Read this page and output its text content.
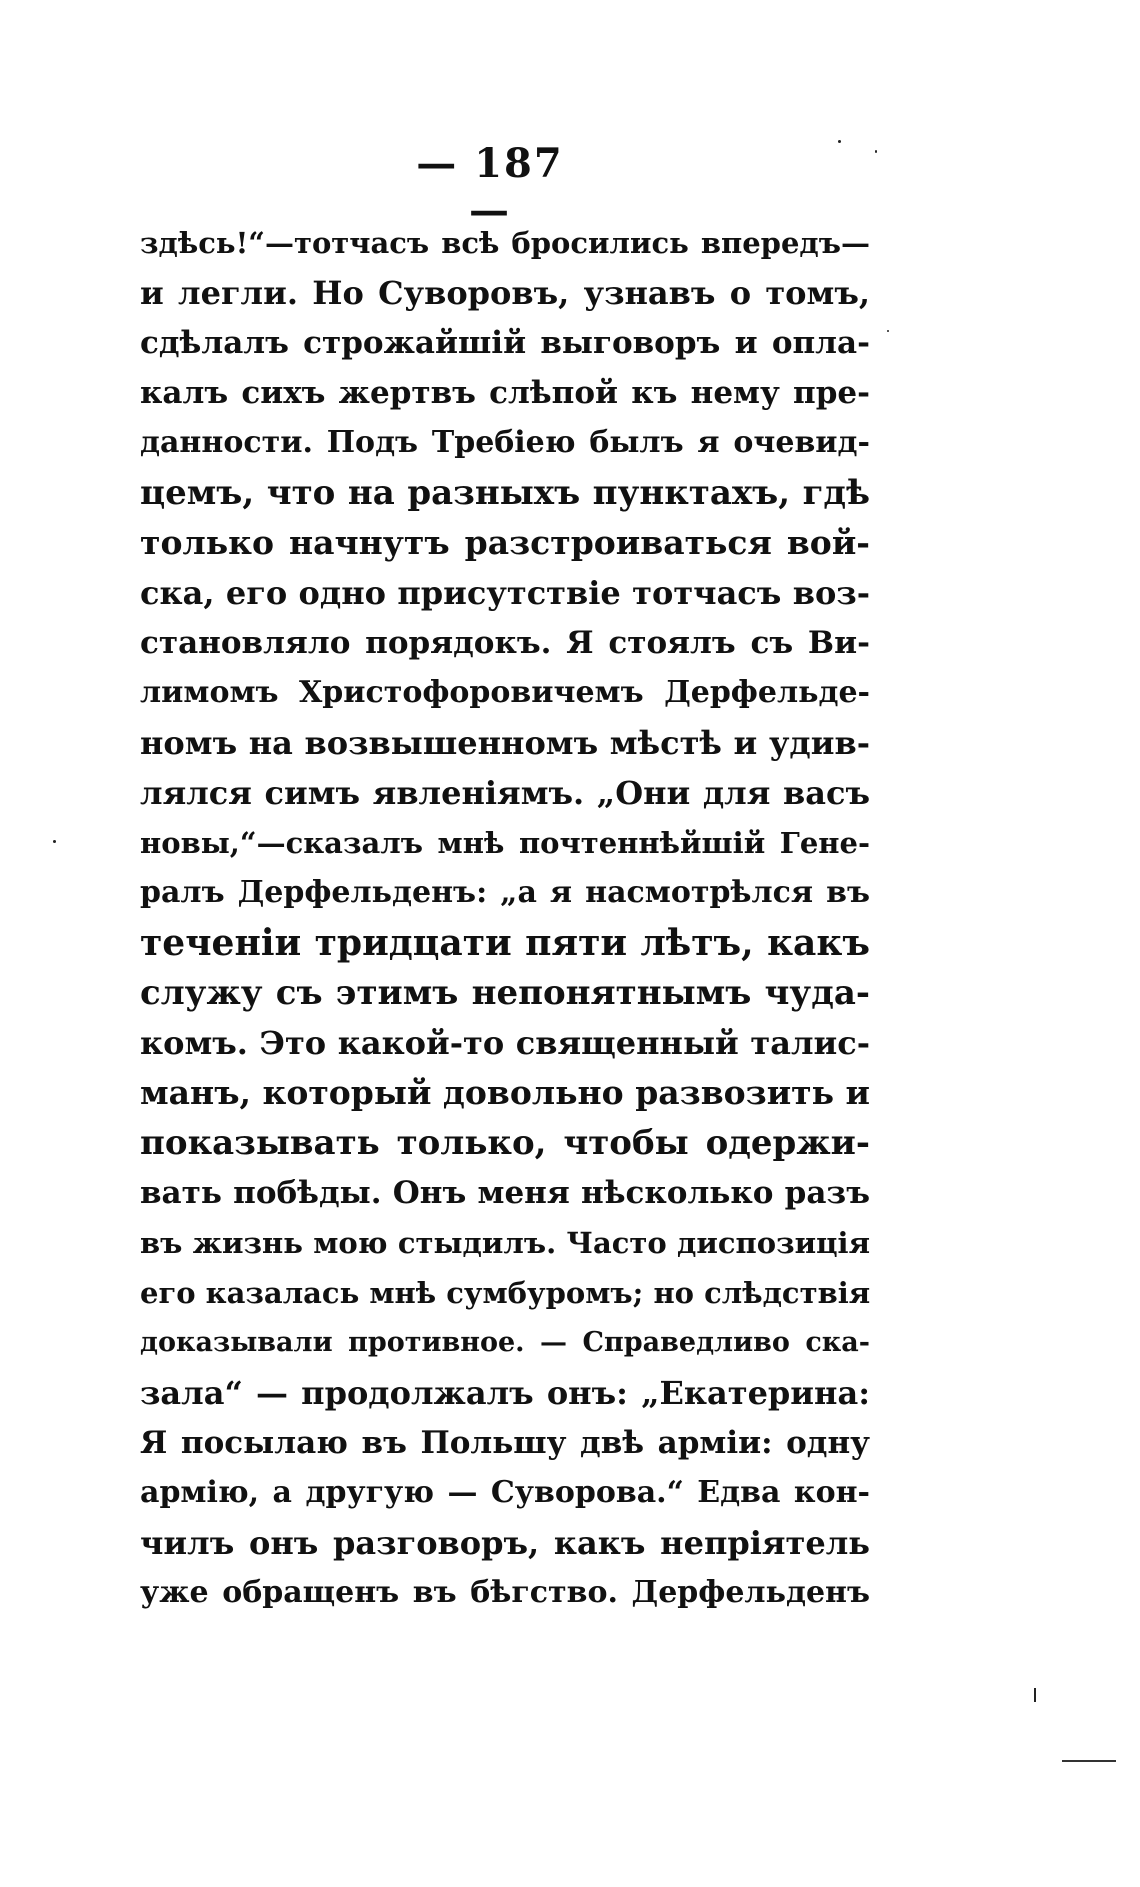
— 187 —
здѣсь!“—тотчасъ всѣ бросились впередъ—
и легли. Но Суворовъ, узнавъ о томъ,
сдѣлалъ строжайшій выговоръ и опла-
калъ сихъ жертвъ слѣпой къ нему пре-
данности. Подъ Требіею былъ я очевид-
цемъ, что на разныхъ пунктахъ, гдѣ
только начнутъ разстроиваться вой-
ска, его одно присутствіе тотчасъ воз-
становляло порядокъ. Я стоялъ съ Ви-
лимомъ Христофоровичемъ Дерфельде-
номъ на возвышенномъ мѣстѣ и удив-
лялся симъ явленіямъ. „Они для васъ
новы,“—сказалъ мнѣ почтеннѣйшій Гене-
ралъ Дерфельденъ: „а я насмотрѣлся въ
теченіи тридцати пяти лѣтъ, какъ
служу съ этимъ непонятнымъ чуда-
комъ. Это какой-то священный талис-
манъ, который довольно развозить и
показывать только, чтобы одержи-
вать побѣды. Онъ меня нѣсколько разъ
въ жизнь мою стыдилъ. Часто диспозиція
его казалась мнѣ сумбуромъ; но слѣдствія
доказывали противное. — Справедливо ска-
зала“ — продолжалъ онъ: „Екатерина:
Я посылаю въ Польшу двѣ арміи: одну
армію, а другую — Суворова.“ Едва кон-
чилъ онъ разговоръ, какъ непріятель
уже обращенъ въ бѣгство. Дерфельденъ
